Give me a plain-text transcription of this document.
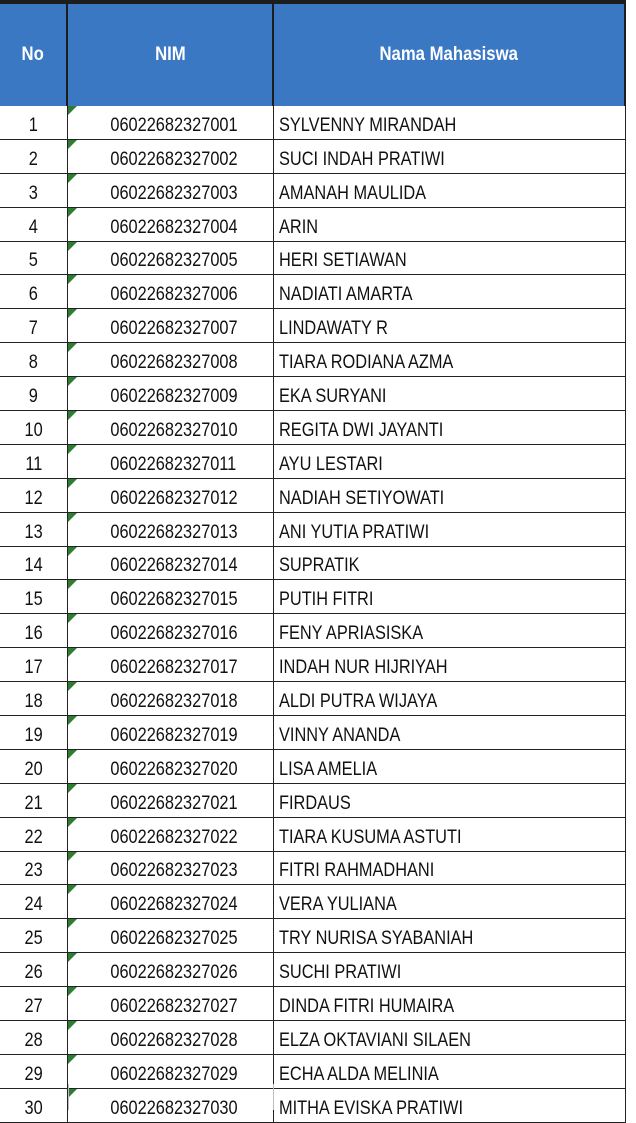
No	NIM	Nama Mahasiswa
1	06022682327001 SYLVENNY MIRANDAH
2	06022682327002 SUCI INDAH PRATIWI
3	06022682327003 AMANAH MAULIDA
4	06022682327004 ARIN
5	06022682327005 HERI SETIAWAN
6	06022682327006 NADIATI AMARTA
7	06022682327007 LINDAWATY R
8	06022682327008 TIARA RODIANA AZMA
9	06022682327009 EKA SURYANI
10	06022682327010 REGITA DWI JAYANTI
11	06022682327011 AYU LESTARI
12	06022682327012 NADIAH SETIYOWATI
13	06022682327013 ANI YUTIA PRATIWI
14	06022682327014 SUPRATIK
15	06022682327015 PUTIH FITRI
16	06022682327016 FENY APRIASISKA
17	06022682327017 INDAH NUR HIJRIYAH
18	06022682327018 ALDI PUTRA WIJAYA
19	06022682327019 VINNY ANANDA
20	06022682327020 LISA AMELIA
21	06022682327021 FIRDAUS
22	06022682327022 TIARA KUSUMA ASTUTI
23	06022682327023 FITRI RAHMADHANI
24	06022682327024 VERA YULIANA
25	06022682327025 TRY NURISA SYABANIAH
26	06022682327026 SUCHI PRATIWI
27	06022682327027 DINDA FITRI HUMAIRA
28	06022682327028 ELZA OKTAVIANI SILAEN
29	06022682327029 ECHA ALDA MELINIA
30	06022682327030 MITHA EVISKA PRATIWI
